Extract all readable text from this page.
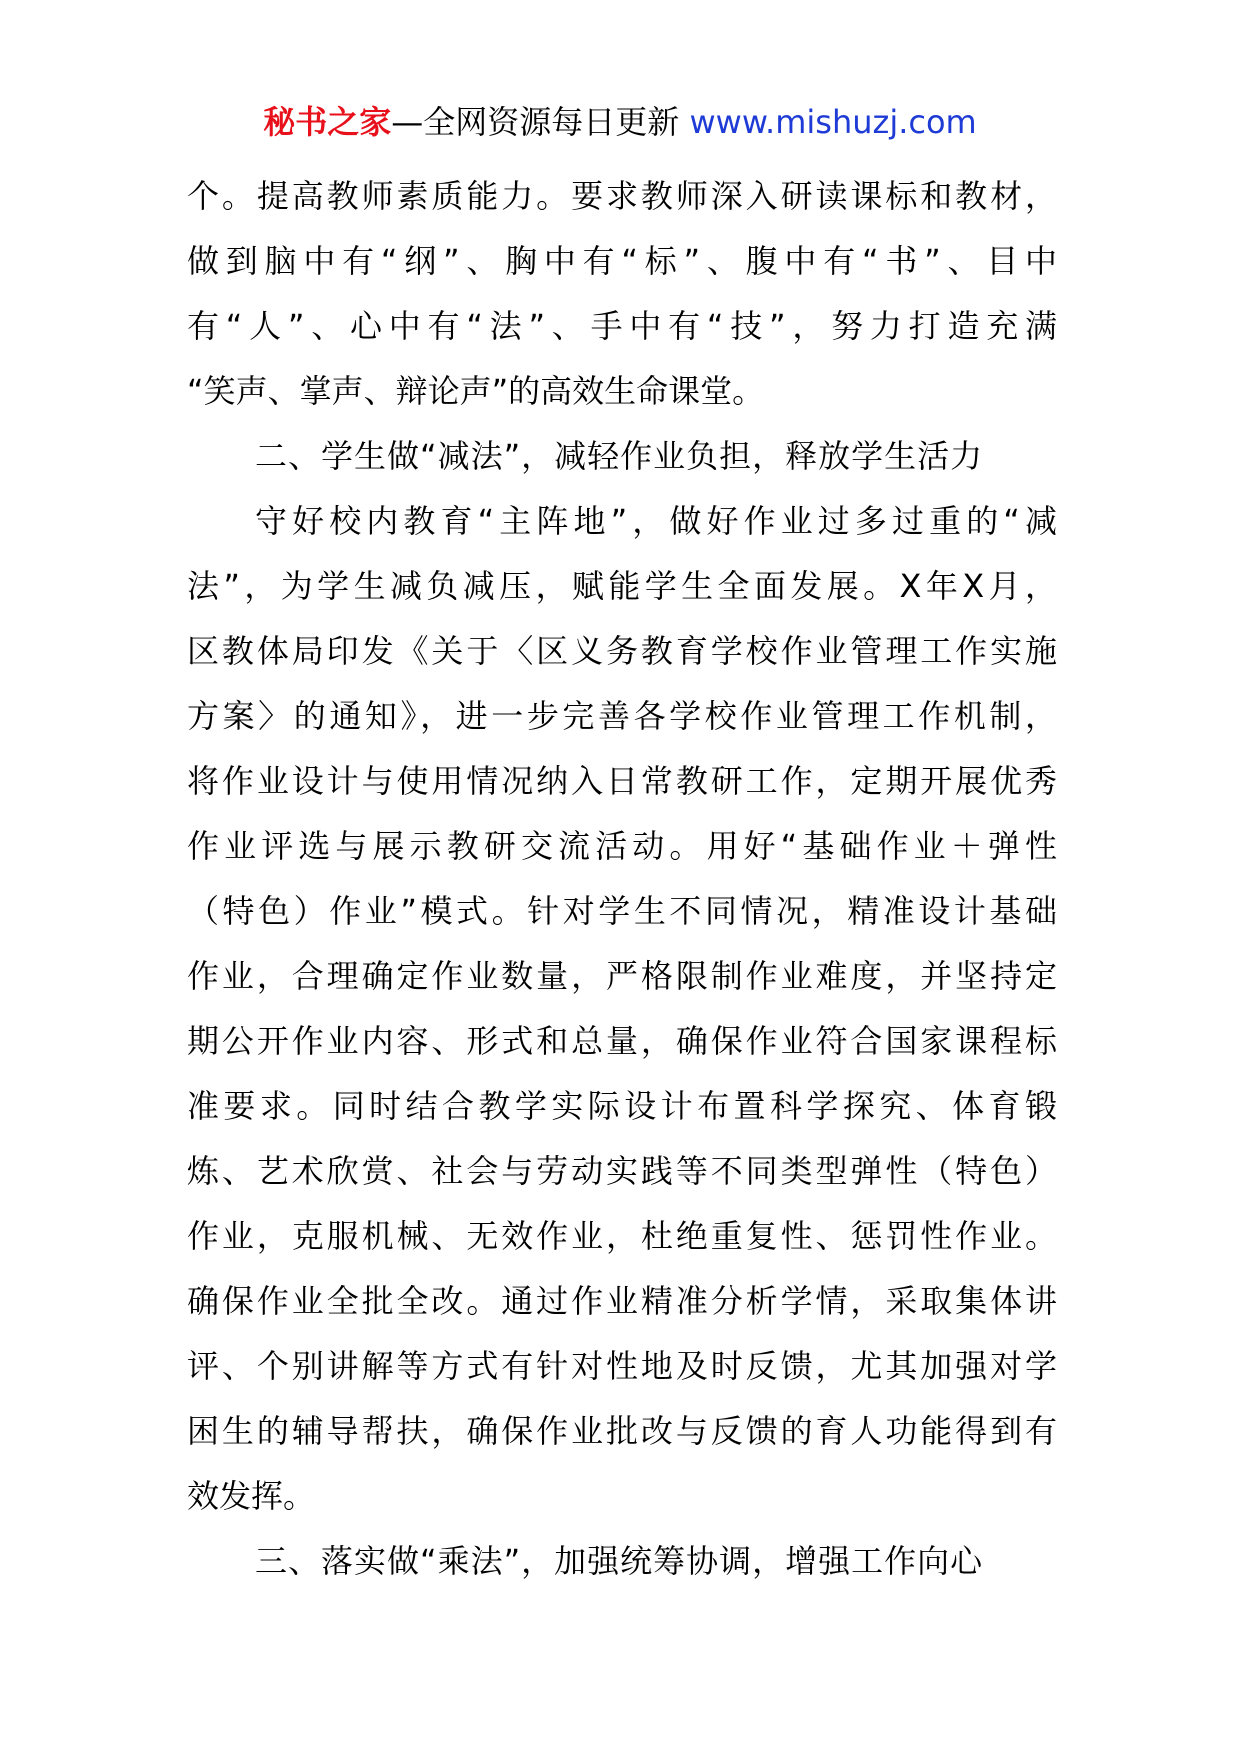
秘书之家—全网资源每日更新 www.mishuzj.com
个。提高教师素质能力。要求教师深入研读课标和教材，
做到脑中有“纲”、胸中有“标”、腹中有“书”、目中
有“人”、心中有“法”、手中有“技”，努力打造充满
“笑声、掌声、辩论声”的高效生命课堂。
二、学生做“减法”，减轻作业负担，释放学生活力
守好校内教育“主阵地”，做好作业过多过重的“减
法”，为学生减负减压，赋能学生全面发展。X年X月，
区教体局印发《关于〈区义务教育学校作业管理工作实施
方案〉的通知》，进一步完善各学校作业管理工作机制，
将作业设计与使用情况纳入日常教研工作，定期开展优秀
作业评选与展示教研交流活动。用好“基础作业＋弹性
（特色）作业”模式。针对学生不同情况，精准设计基础
作业，合理确定作业数量，严格限制作业难度，并坚持定
期公开作业内容、形式和总量，确保作业符合国家课程标
准要求。同时结合教学实际设计布置科学探究、体育锻
炼、艺术欣赏、社会与劳动实践等不同类型弹性（特色）
作业，克服机械、无效作业，杜绝重复性、惩罚性作业。
确保作业全批全改。通过作业精准分析学情，采取集体讲
评、个别讲解等方式有针对性地及时反馈，尤其加强对学
困生的辅导帮扶，确保作业批改与反馈的育人功能得到有
效发挥。
三、落实做“乘法”，加强统筹协调，增强工作向心
